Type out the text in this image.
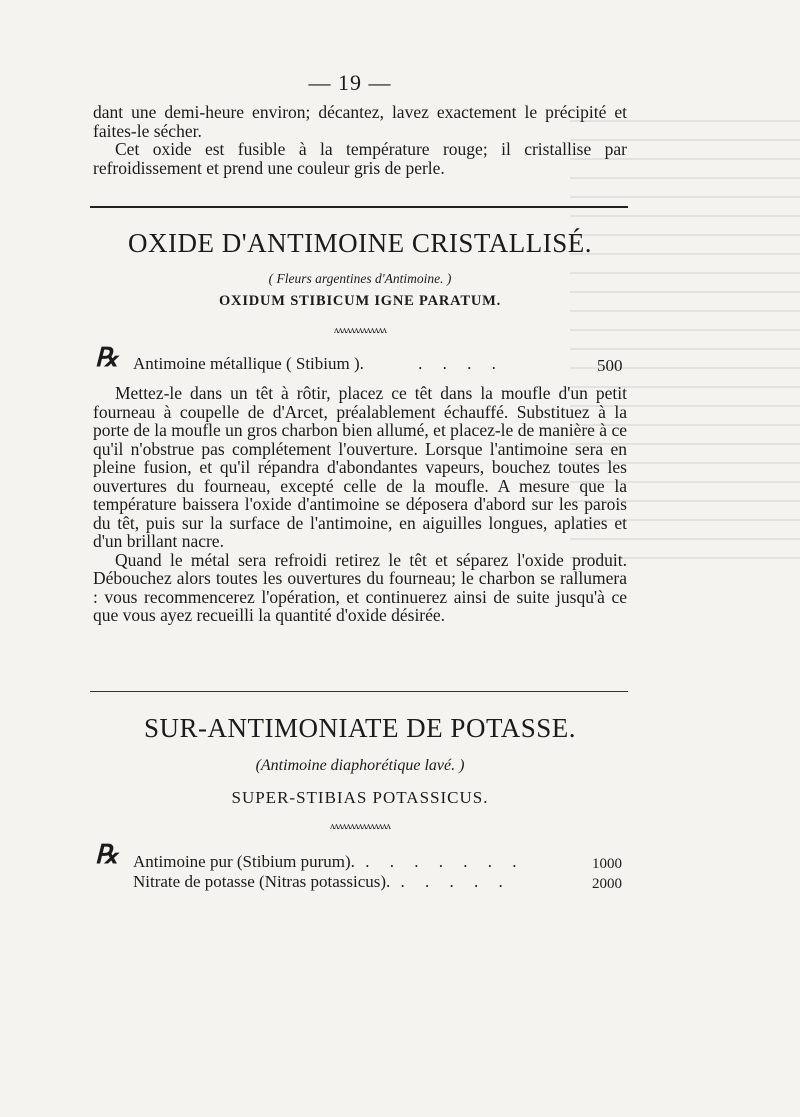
— 19 —

dant une demi-heure environ; décantez, lavez exactement le précipité et faites-le sécher.

Cet oxide est fusible à la température rouge; il cristallise par refroidissement et prend une couleur gris de perle.

OXIDE D'ANTIMOINE CRISTALLISÉ.

( Fleurs argentines d'Antimoine. )

OXIDUM STIBICUM IGNE PARATUM.

ʌʌʌʌʌʌʌʌʌʌʌʌʌ
℞ Antimoine métallique ( Stibium ).	. . . .	500

Mettez-le dans un têt à rôtir, placez ce têt dans la moufle d'un petit fourneau à coupelle de d'Arcet, préalablement échauffé. Substituez à la porte de la moufle un gros charbon bien allumé, et placez-le de manière à ce qu'il n'obstrue pas complétement l'ouverture. Lorsque l'antimoine sera en pleine fusion, et qu'il répandra d'abondantes vapeurs, bouchez toutes les ouvertures du fourneau, excepté celle de la moufle. A mesure que la température baissera l'oxide d'antimoine se déposera d'abord sur les parois du têt, puis sur la surface de l'antimoine, en aiguilles longues, aplaties et d'un brillant nacre.

Quand le métal sera refroidi retirez le têt et séparez l'oxide produit. Débouchez alors toutes les ouvertures du fourneau; le charbon se rallumera : vous recommencerez l'opération, et continuerez ainsi de suite jusqu'à ce que vous ayez recueilli la quantité d'oxide désirée.

SUR-ANTIMONIATE DE POTASSE.

(Antimoine diaphorétique lavé. )

SUPER-STIBIAS POTASSICUS.

ʌʌʌʌʌʌʌʌʌʌʌʌʌʌʌ
℞ Antimoine pur (Stibium purum). . . . . . . .	1000
Nitrate de potasse (Nitras potassicus). . . . . .	2000
